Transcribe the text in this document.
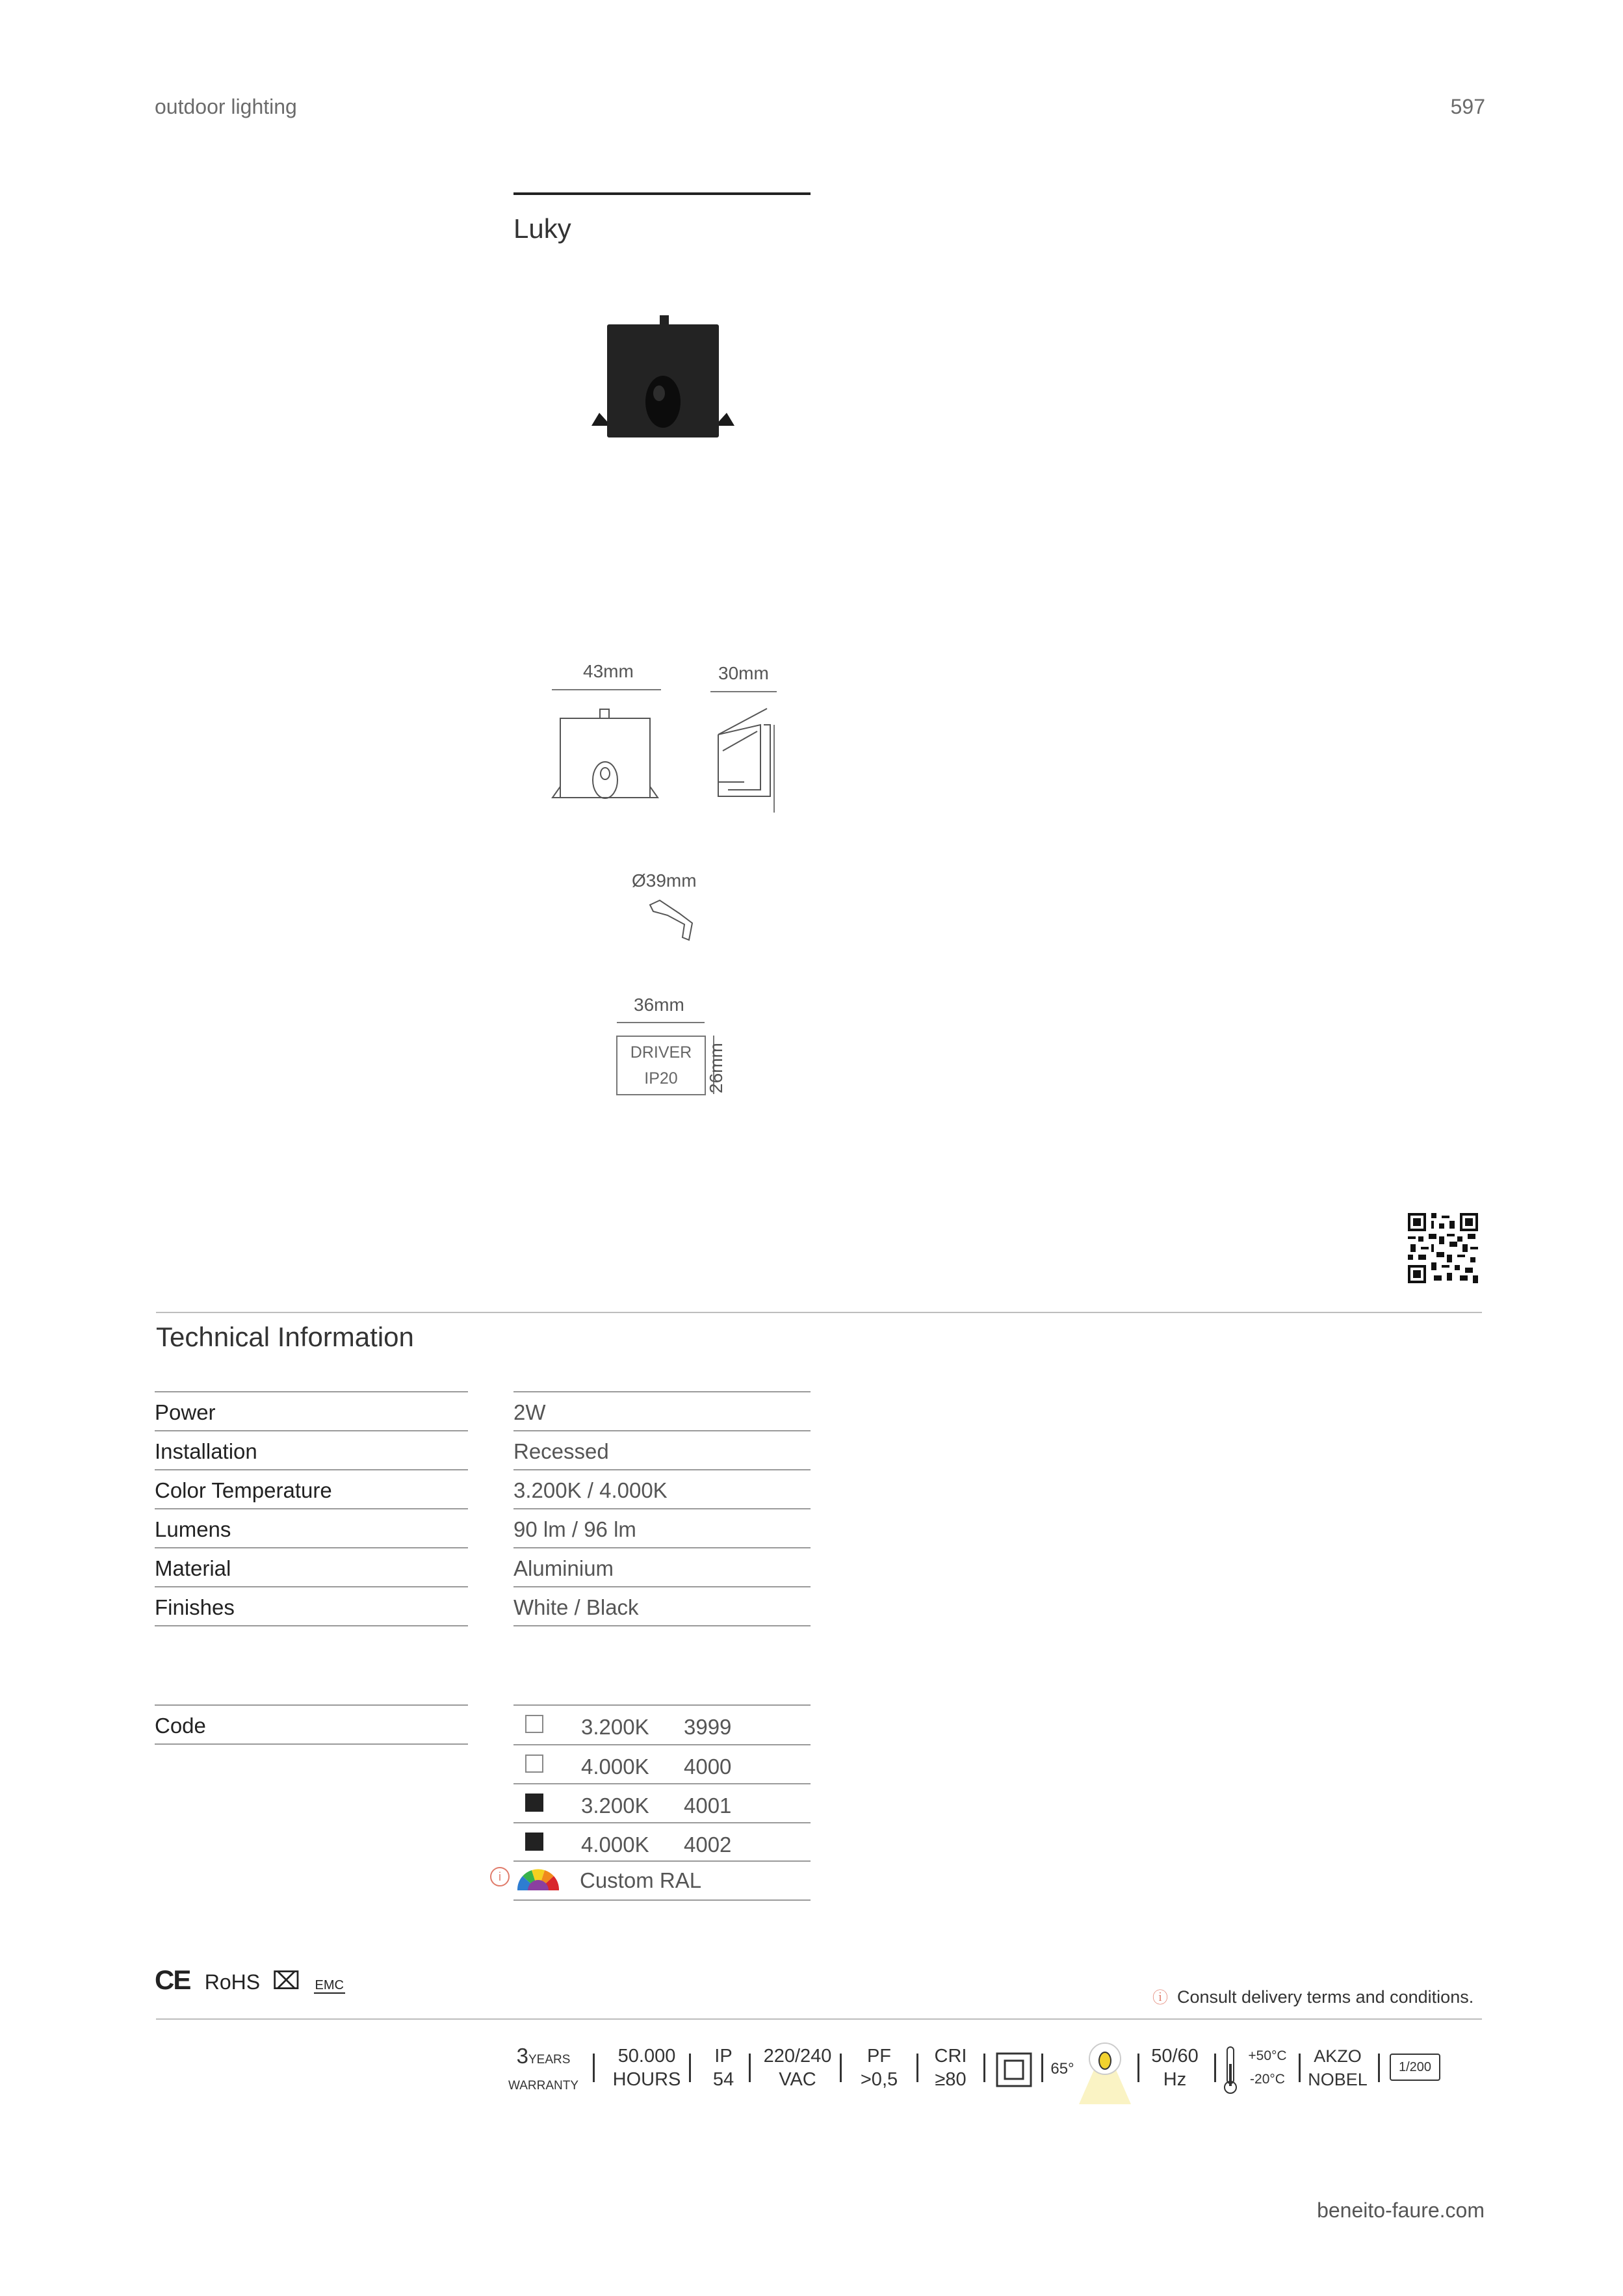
outdoor lighting	597
Luky
43mm	30mm
Ø39mm
36mm
DRIVER
IP20 26mm
Technical Information
Power	2W
Installation	Recessed
Color Temperature	3.200K / 4.000K
Lumens	90 lm / 96 lm
Material	Aluminium
Finishes	White / Black
Code	3.200K 3999
4.000K 4000
3.200K 4001
4.000K 4002
Custom RAL
i
CE RoHS ⌧ EMC
ⓘ Consult delivery terms and conditions.
3YEARS
WARRANTY
50.000
HOURS
IP
54
220/240
VAC
PF
>0,5
CRI
≥80
65°
50/60
Hz
+50°C
-20°C
AKZO
NOBEL
1/200
beneito-faure.com
